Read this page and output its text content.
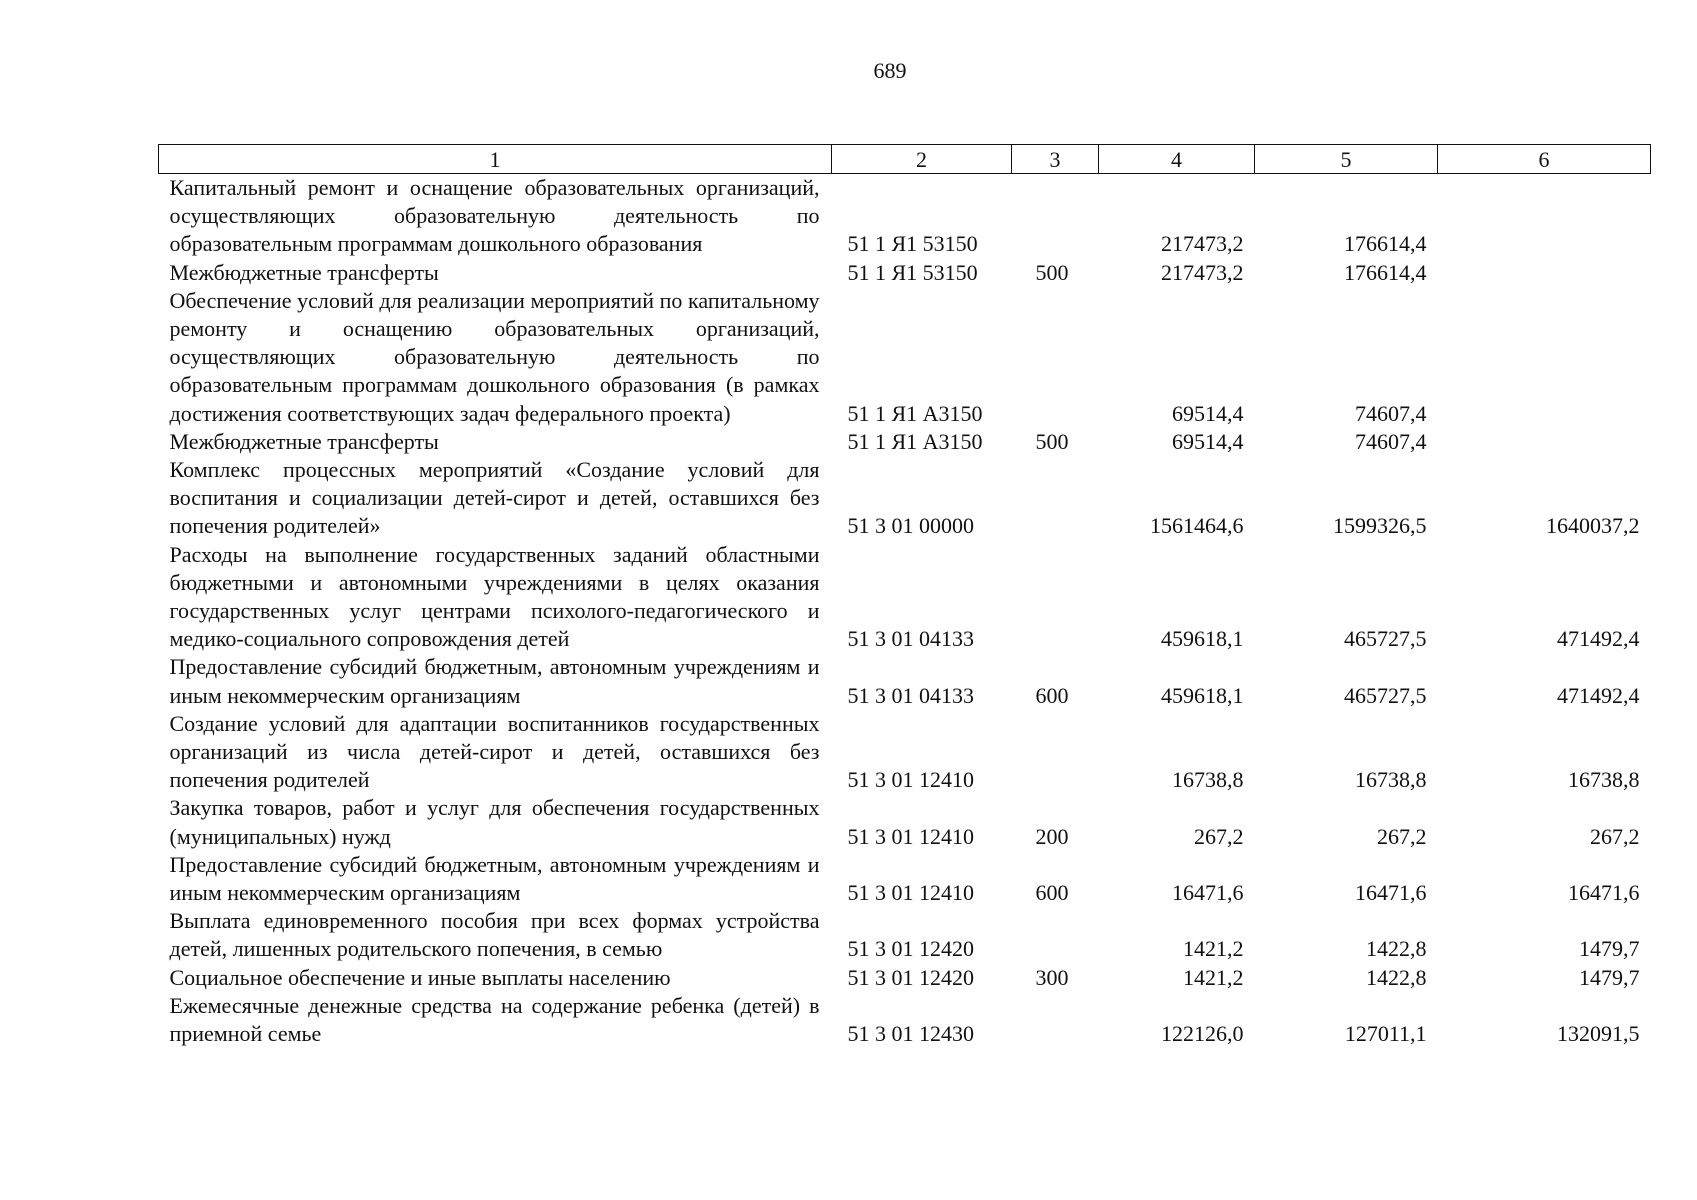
689
1	2	3	4	5	6
Капитальный ремонт и оснащение образовательных организаций, осуществляющих образовательную деятельность по образовательным программам дошкольного образования	51 1 Я1 53150		217473,2	176614,4	
Межбюджетные трансферты	51 1 Я1 53150	500	217473,2	176614,4	
Обеспечение условий для реализации мероприятий по капитальному ремонту и оснащению образовательных организаций, осуществляющих образовательную деятельность по образовательным программам дошкольного образования (в рамках достижения соответствующих задач федерального проекта)	51 1 Я1 А3150		69514,4	74607,4	
Межбюджетные трансферты	51 1 Я1 А3150	500	69514,4	74607,4	
Комплекс процессных мероприятий «Создание условий для воспитания и социализации детей-сирот и детей, оставшихся без попечения родителей»	51 3 01 00000		1561464,6	1599326,5	1640037,2
Расходы на выполнение государственных заданий областными бюджетными и автономными учреждениями в целях оказания государственных услуг центрами психолого-педагогического и медико-социального сопровождения детей	51 3 01 04133		459618,1	465727,5	471492,4
Предоставление субсидий бюджетным, автономным учреждениям и иным некоммерческим организациям	51 3 01 04133	600	459618,1	465727,5	471492,4
Создание условий для адаптации воспитанников государственных организаций из числа детей-сирот и детей, оставшихся без попечения родителей	51 3 01 12410		16738,8	16738,8	16738,8
Закупка товаров, работ и услуг для обеспечения государственных (муниципальных) нужд	51 3 01 12410	200	267,2	267,2	267,2
Предоставление субсидий бюджетным, автономным учреждениям и иным некоммерческим организациям	51 3 01 12410	600	16471,6	16471,6	16471,6
Выплата единовременного пособия при всех формах устройства детей, лишенных родительского попечения, в семью	51 3 01 12420		1421,2	1422,8	1479,7
Социальное обеспечение и иные выплаты населению	51 3 01 12420	300	1421,2	1422,8	1479,7
Ежемесячные денежные средства на содержание ребенка (детей) в приемной семье	51 3 01 12430		122126,0	127011,1	132091,5
